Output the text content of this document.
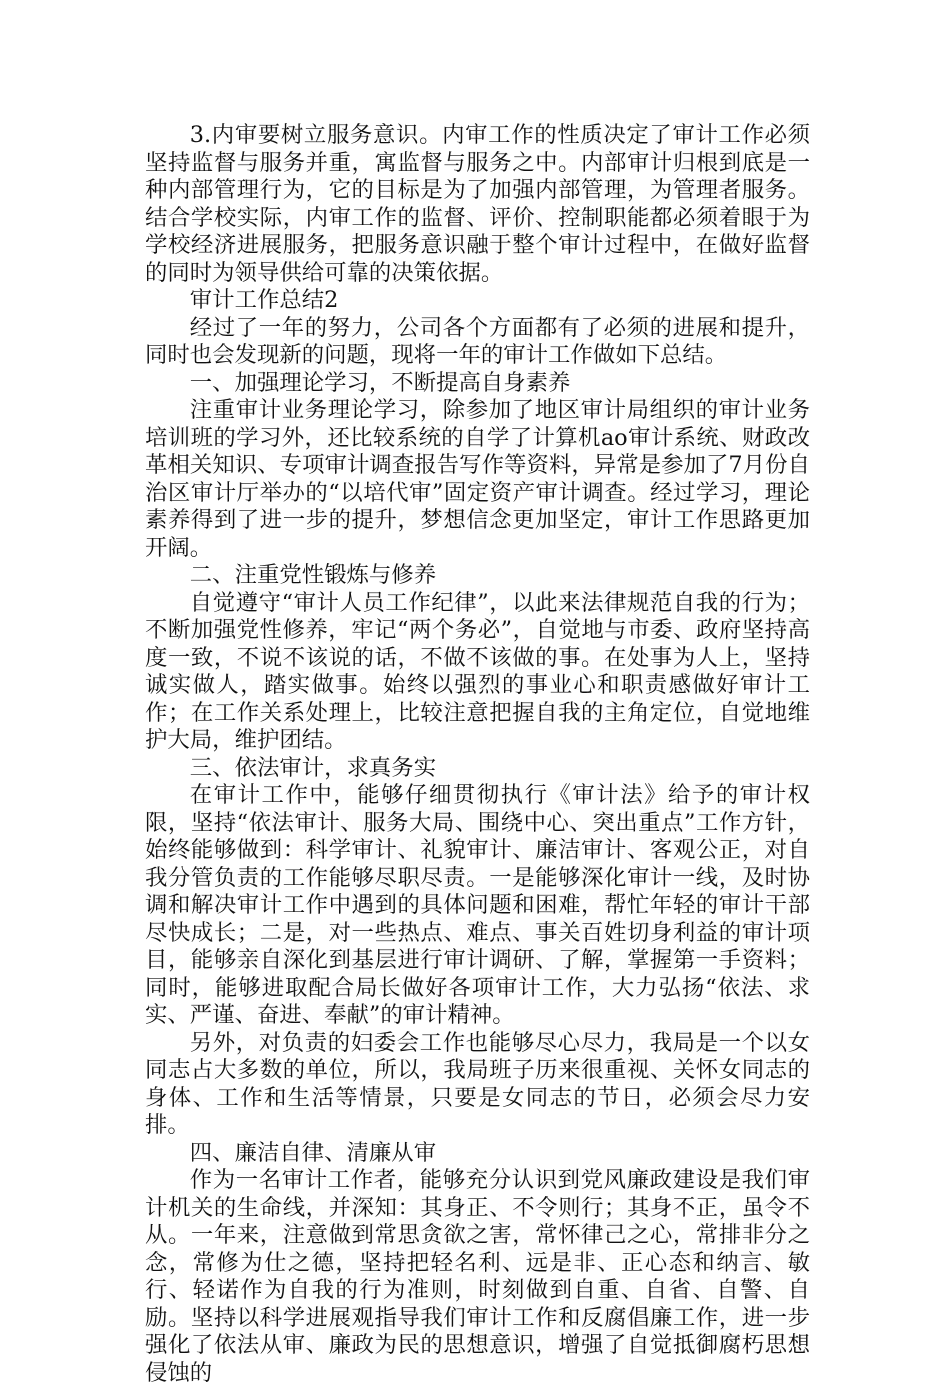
3.内审要树立服务意识。内审工作的性质决定了审计工作必须坚持监督与服务并重，寓监督与服务之中。内部审计归根到底是一种内部管理行为，它的目标是为了加强内部管理，为管理者服务。结合学校实际，内审工作的监督、评价、控制职能都必须着眼于为学校经济进展服务，把服务意识融于整个审计过程中，在做好监督的同时为领导供给可靠的决策依据。

审计工作总结2

经过了一年的努力，公司各个方面都有了必须的进展和提升，同时也会发现新的问题，现将一年的审计工作做如下总结。

一、加强理论学习，不断提高自身素养

注重审计业务理论学习，除参加了地区审计局组织的审计业务培训班的学习外，还比较系统的自学了计算机ao审计系统、财政改革相关知识、专项审计调查报告写作等资料，异常是参加了7月份自治区审计厅举办的“以培代审”固定资产审计调查。经过学习，理论素养得到了进一步的提升，梦想信念更加坚定，审计工作思路更加开阔。

二、注重党性锻炼与修养

自觉遵守“审计人员工作纪律”，以此来法律规范自我的行为；不断加强党性修养，牢记“两个务必”，自觉地与市委、政府坚持高度一致，不说不该说的话，不做不该做的事。在处事为人上，坚持诚实做人，踏实做事。始终以强烈的事业心和职责感做好审计工作；在工作关系处理上，比较注意把握自我的主角定位，自觉地维护大局，维护团结。

三、依法审计，求真务实

在审计工作中，能够仔细贯彻执行《审计法》给予的审计权限，坚持“依法审计、服务大局、围绕中心、突出重点”工作方针，始终能够做到：科学审计、礼貌审计、廉洁审计、客观公正，对自我分管负责的工作能够尽职尽责。一是能够深化审计一线，及时协调和解决审计工作中遇到的具体问题和困难，帮忙年轻的审计干部尽快成长；二是，对一些热点、难点、事关百姓切身利益的审计项目，能够亲自深化到基层进行审计调研、了解，掌握第一手资料；同时，能够进取配合局长做好各项审计工作，大力弘扬“依法、求实、严谨、奋进、奉献”的审计精神。

另外，对负责的妇委会工作也能够尽心尽力，我局是一个以女同志占大多数的单位，所以，我局班子历来很重视、关怀女同志的身体、工作和生活等情景，只要是女同志的节日，必须会尽力安排。

四、廉洁自律、清廉从审

作为一名审计工作者，能够充分认识到党风廉政建设是我们审计机关的生命线，并深知：其身正、不令则行；其身不正，虽令不从。一年来，注意做到常思贪欲之害，常怀律己之心，常排非分之念，常修为仕之德，坚持把轻名利、远是非、正心态和纳言、敏行、轻诺作为自我的行为准则，时刻做到自重、自省、自警、自励。坚持以科学进展观指导我们审计工作和反腐倡廉工作，进一步强化了依法从审、廉政为民的思想意识，增强了自觉抵御腐朽思想侵蚀的
